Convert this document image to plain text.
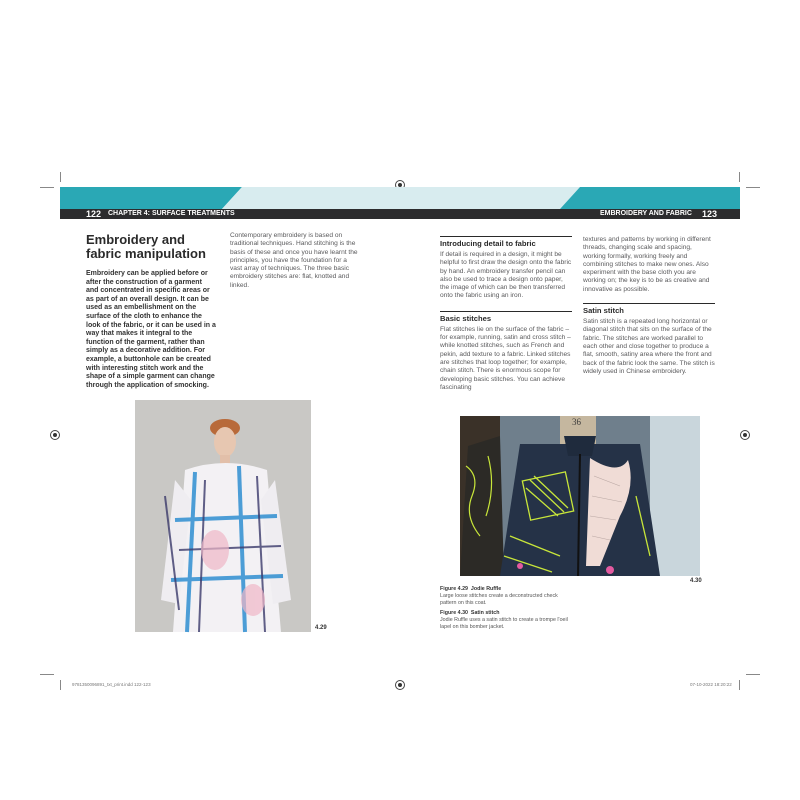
122 CHAPTER 4: SURFACE TREATMENTS	EMBROIDERY AND FABRIC MANIPULATION
123
Embroidery and fabric manipulation

Embroidery can be applied before or after the construction of a garment and concentrated in specific areas or as part of an overall design. It can be used as an embellishment on the surface of the cloth to enhance the look of the fabric, or it can be used in a way that makes it integral to the function of the garment, rather than simply as a decorative addition. For example, a buttonhole can be created with interesting stitch work and the shape of a simple garment can change through the application of smocking.

Contemporary embroidery is based on traditional techniques. Hand stitching is the basis of these and once you have learnt the principles, you have the foundation for a vast array of techniques. The three basic embroidery stitches are: flat, knotted and linked.

4.29
Introducing detail to fabric

If detail is required in a design, it might be helpful to first draw the design onto the fabric by hand. An embroidery transfer pencil can also be used to trace a design onto paper, the image of which can be then transferred onto the fabric using an iron.

Basic stitches

Flat stitches lie on the surface of the fabric – for example, running, satin and cross stitch – while knotted stitches, such as French and pekin, add texture to a fabric. Linked stitches are stitches that loop together; for example, chain stitch. There is enormous scope for developing basic stitches. You can achieve fascinating

textures and patterns by working in different threads, changing scale and spacing, working formally, working freely and combining stitches to make new ones. Also experiment with the base cloth you are working on; the key is to be as creative and innovative as possible.

Satin stitch

Satin stitch is a repeated long horizontal or diagonal stitch that sits on the surface of the fabric. The stitches are worked parallel to each other and close together to produce a flat, smooth, satiny area where the front and back of the fabric look the same. The stitch is widely used in Chinese embroidery.

36
4.30

Figure 4.29 Jodie Ruffle
Large loose stitches create a deconstructed check pattern on this coat.

Figure 4.30 Satin stitch
Jodie Ruffle uses a satin stitch to create a trompe l'oeil lapel on this bomber jacket.

9781350096891_txt_print.indd 122-123	07-10-2022 18:20:22
